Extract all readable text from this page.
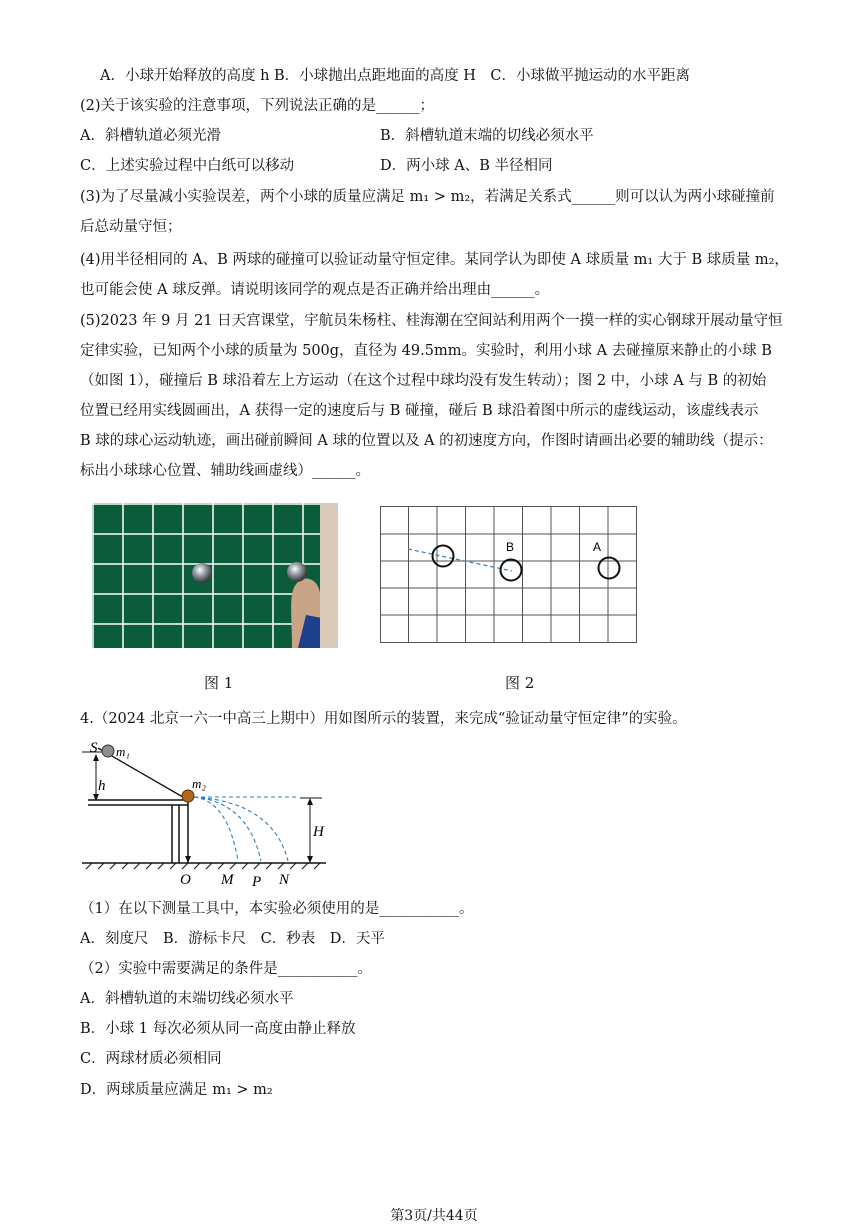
A．小球开始释放的高度 h B．小球抛出点距地面的高度 H　C．小球做平抛运动的水平距离
(2)关于该实验的注意事项，下列说法正确的是______；
A．斜槽轨道必须光滑	B．斜槽轨道末端的切线必须水平
C．上述实验过程中白纸可以移动	D．两小球 A、B 半径相同
(3)为了尽量减小实验误差，两个小球的质量应满足 m₁ > m₂，若满足关系式______则可以认为两小球碰撞前
后总动量守恒；
(4)用半径相同的 A、B 两球的碰撞可以验证动量守恒定律。某同学认为即使 A 球质量 m₁ 大于 B 球质量 m₂，
也可能会使 A 球反弹。请说明该同学的观点是否正确并给出理由______。
(5)2023 年 9 月 21 日天宫课堂，宇航员朱杨柱、桂海潮在空间站利用两个一摸一样的实心钢球开展动量守恒
定律实验，已知两个小球的质量为 500g，直径为 49.5mm。实验时，利用小球 A 去碰撞原来静止的小球 B
（如图 1），碰撞后 B 球沿着左上方运动（在这个过程中球均没有发生转动）；图 2 中，小球 A 与 B 的初始
位置已经用实线圆画出，A 获得一定的速度后与 B 碰撞，碰后 B 球沿着图中所示的虚线运动，该虚线表示
B 球的球心运动轨迹，画出碰前瞬间 A 球的位置以及 A 的初速度方向，作图时请画出必要的辅助线（提示：
标出小球球心位置、辅助线画虚线）______。
图 1
B	A
图 2
4.（2024 北京一六一中高三上期中）用如图所示的装置，来完成“验证动量守恒定律”的实验。
S m₁
m₂
h
H
O M P N
（1）在以下测量工具中，本实验必须使用的是___________。
A．刻度尺　B．游标卡尺　C．秒表　D．天平
（2）实验中需要满足的条件是___________。
A．斜槽轨道的末端切线必须水平
B．小球 1 每次必须从同一高度由静止释放
C．两球材质必须相同
D．两球质量应满足 m₁ > m₂
第3页/共44页
